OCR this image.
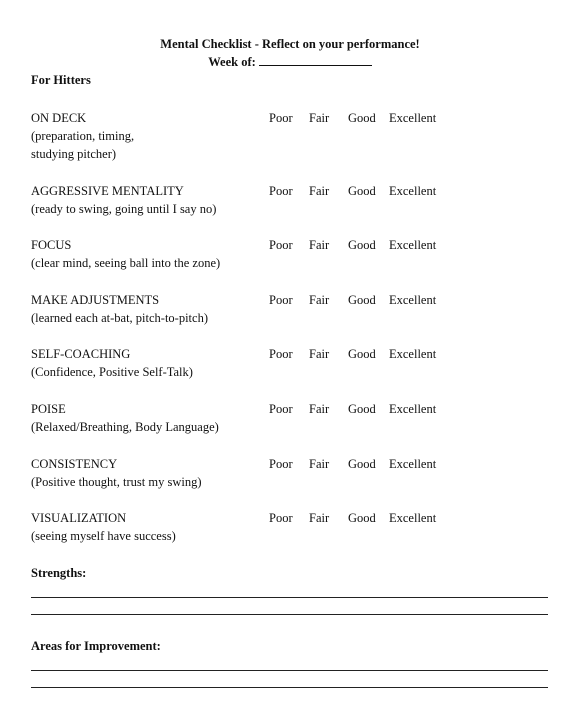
Mental Checklist - Reflect on your performance!
Week of:
For Hitters
ON DECK
(preparation, timing,
studying pitcher)
Poor Fair Good Excellent
AGGRESSIVE MENTALITY
(ready to swing, going until I say no)
Poor Fair Good Excellent
FOCUS
(clear mind, seeing ball into the zone)
Poor Fair Good Excellent
MAKE ADJUSTMENTS
(learned each at-bat, pitch-to-pitch)
Poor Fair Good Excellent
SELF-COACHING
(Confidence, Positive Self-Talk)
Poor Fair Good Excellent
POISE
(Relaxed/Breathing, Body Language)
Poor Fair Good Excellent
CONSISTENCY
(Positive thought, trust my swing)
Poor Fair Good Excellent
VISUALIZATION
(seeing myself have success)
Poor Fair Good Excellent
Strengths:
Areas for Improvement:
